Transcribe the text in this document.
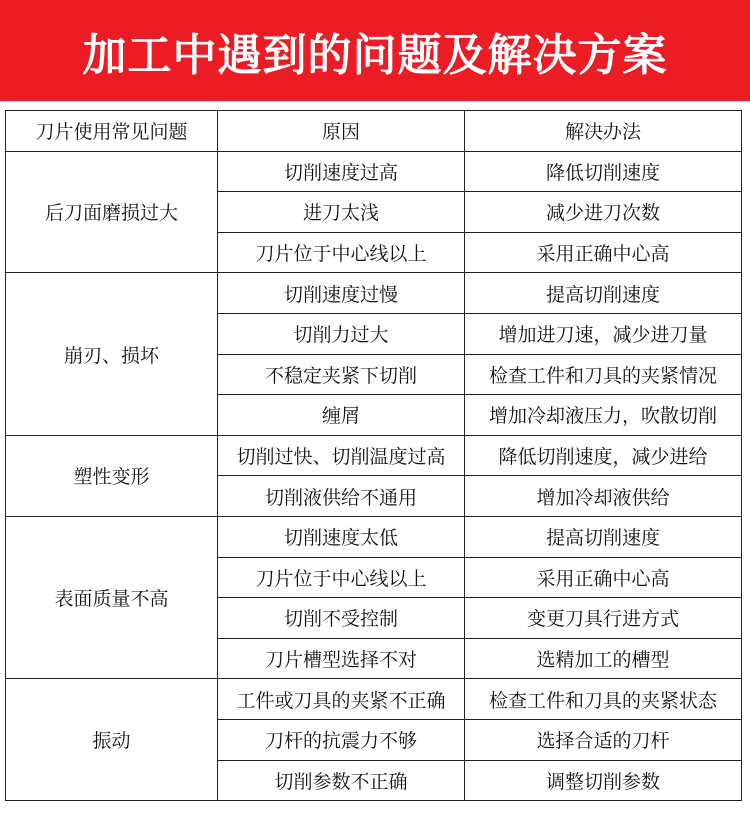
加工中遇到的问题及解决方案
刀片使用常见问题	原因	解决办法
后刀面磨损过大	切削速度过高	降低切削速度
	进刀太浅	减少进刀次数
	刀片位于中心线以上	采用正确中心高
崩刃、损坏	切削速度过慢	提高切削速度
	切削力过大	增加进刀速，减少进刀量
	不稳定夹紧下切削	检查工件和刀具的夹紧情况
	缠屑	增加冷却液压力，吹散切削
塑性变形	切削过快、切削温度过高	降低切削速度，减少进给
	切削液供给不通用	增加冷却液供给
表面质量不高	切削速度太低	提高切削速度
	刀片位于中心线以上	采用正确中心高
	切削不受控制	变更刀具行进方式
	刀片槽型选择不对	选精加工的槽型
振动	工件或刀具的夹紧不正确	检查工件和刀具的夹紧状态
	刀杆的抗震力不够	选择合适的刀杆
	切削参数不正确	调整切削参数
